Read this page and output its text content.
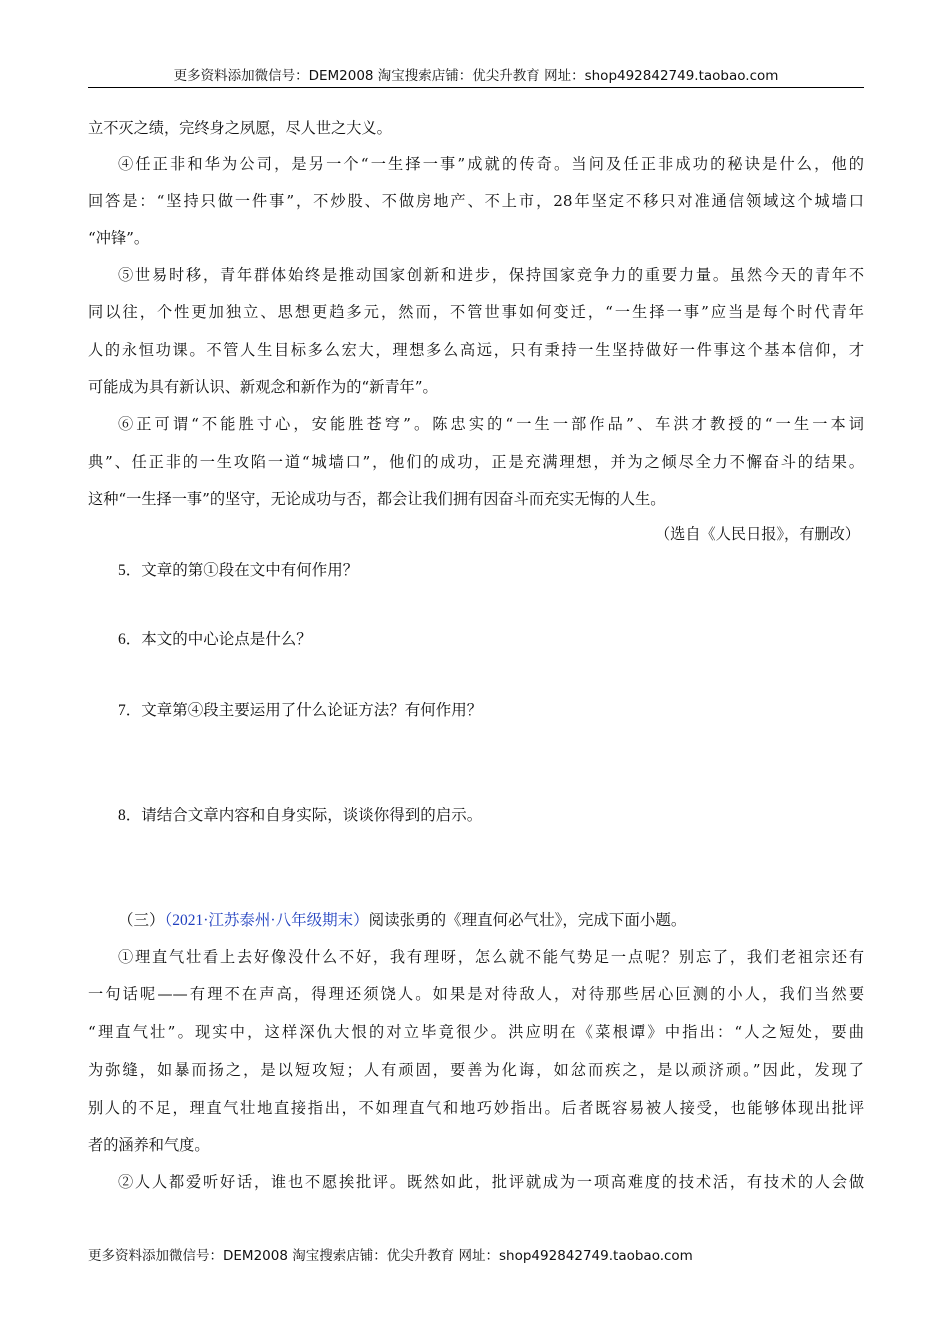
更多资料添加微信号：DEM2008 淘宝搜索店铺：优尖升教育 网址：shop492842749.taobao.com
立不灭之绩，完终身之夙愿，尽人世之大义。
④任正非和华为公司，是另一个“一生择一事”成就的传奇。当问及任正非成功的秘诀是什么，他的
回答是：“坚持只做一件事”，不炒股、不做房地产、不上市，28年坚定不移只对准通信领域这个城墙口
“冲锋”。
⑤世易时移，青年群体始终是推动国家创新和进步，保持国家竞争力的重要力量。虽然今天的青年不
同以往，个性更加独立、思想更趋多元，然而，不管世事如何变迁，“一生择一事”应当是每个时代青年
人的永恒功课。不管人生目标多么宏大，理想多么高远，只有秉持一生坚持做好一件事这个基本信仰，才
可能成为具有新认识、新观念和新作为的“新青年”。
⑥正可谓“不能胜寸心，安能胜苍穹”。陈忠实的“一生一部作品”、车洪才教授的“一生一本词
典”、任正非的一生攻陷一道“城墙口”，他们的成功，正是充满理想，并为之倾尽全力不懈奋斗的结果。
这种“一生择一事”的坚守，无论成功与否，都会让我们拥有因奋斗而充实无悔的人生。
（选自《人民日报》，有删改）
5．文章的第①段在文中有何作用？
6．本文的中心论点是什么？
7．文章第④段主要运用了什么论证方法？有何作用？
8．请结合文章内容和自身实际，谈谈你得到的启示。
（三）（2021·江苏泰州·八年级期末）阅读张勇的《理直何必气壮》，完成下面小题。
①理直气壮看上去好像没什么不好，我有理呀，怎么就不能气势足一点呢？别忘了，我们老祖宗还有
一句话呢——有理不在声高，得理还须饶人。如果是对待敌人，对待那些居心叵测的小人，我们当然要
“理直气壮”。现实中，这样深仇大恨的对立毕竟很少。洪应明在《菜根谭》中指出：“人之短处，要曲
为弥缝，如暴而扬之，是以短攻短；人有顽固，要善为化诲，如忿而疾之，是以顽济顽。”因此，发现了
别人的不足，理直气壮地直接指出，不如理直气和地巧妙指出。后者既容易被人接受，也能够体现出批评
者的涵养和气度。
②人人都爱听好话，谁也不愿挨批评。既然如此，批评就成为一项高难度的技术活，有技术的人会做
更多资料添加微信号：DEM2008 淘宝搜索店铺：优尖升教育 网址：shop492842749.taobao.com
